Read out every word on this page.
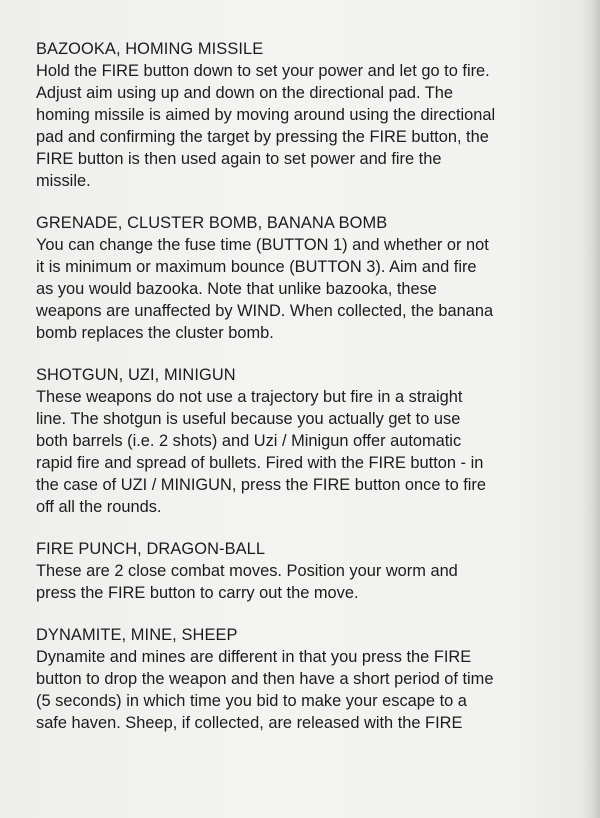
BAZOOKA, HOMING MISSILE
Hold the FIRE button down to set your power and let go to fire.
Adjust aim using up and down on the directional pad. The
homing missile is aimed by moving around using the directional
pad and confirming the target by pressing the FIRE button, the
FIRE button is then used again to set power and fire the
missile.
GRENADE, CLUSTER BOMB, BANANA BOMB
You can change the fuse time (BUTTON 1) and whether or not
it is minimum or maximum bounce (BUTTON 3). Aim and fire
as you would bazooka. Note that unlike bazooka, these
weapons are unaffected by WIND. When collected, the banana
bomb replaces the cluster bomb.
SHOTGUN, UZI, MINIGUN
These weapons do not use a trajectory but fire in a straight
line. The shotgun is useful because you actually get to use
both barrels (i.e. 2 shots) and Uzi / Minigun offer automatic
rapid fire and spread of bullets. Fired with the FIRE button - in
the case of UZI / MINIGUN, press the FIRE button once to fire
off all the rounds.
FIRE PUNCH, DRAGON-BALL
These are 2 close combat moves. Position your worm and
press the FIRE button to carry out the move.
DYNAMITE, MINE, SHEEP
Dynamite and mines are different in that you press the FIRE
button to drop the weapon and then have a short period of time
(5 seconds) in which time you bid to make your escape to a
safe haven. Sheep, if collected, are released with the FIRE
